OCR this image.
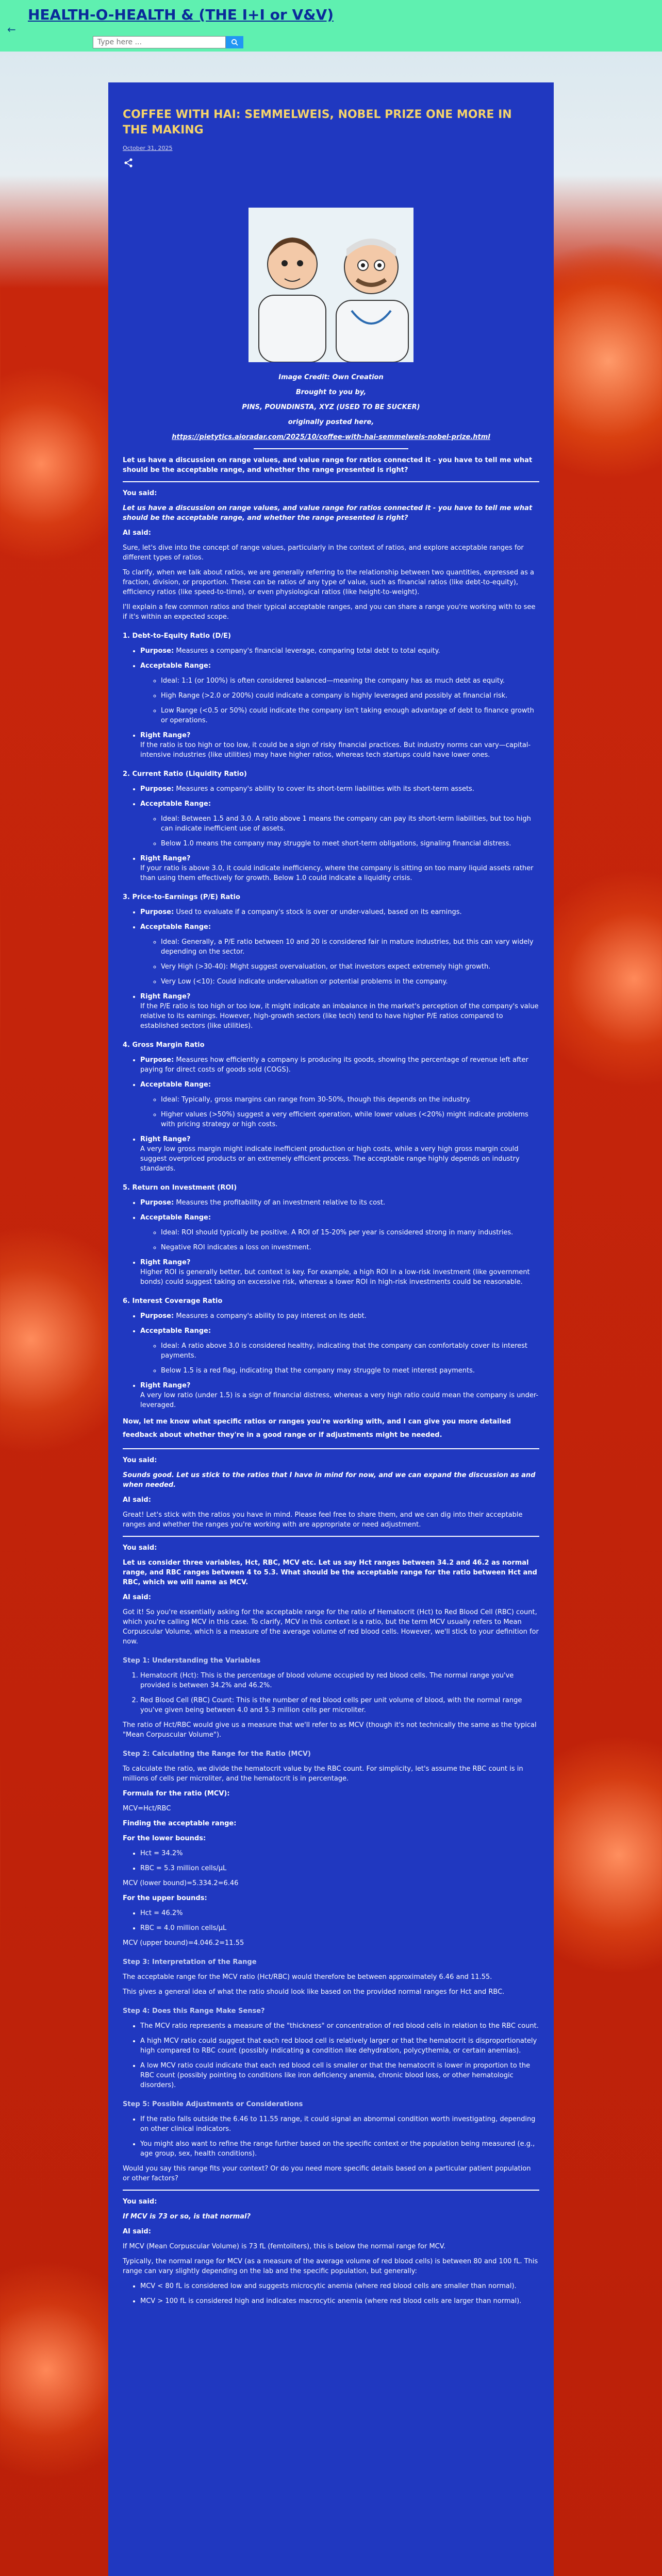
←
HEALTH-O-HEALTH & (THE I+I or V&V)
Type here ...
COFFEE WITH HAI: SEMMELWEIS, NOBEL PRIZE ONE MORE IN THE MAKING
October 31, 2025

Image Credit: Own Creation

Brought to you by,

PINS, POUNDINSTA, XYZ (USED TO BE SUCKER)

originally posted here,

https://pietytics.aioradar.com/2025/10/coffee-with-hai-semmelweis-nobel-prize.html

Let us have a discussion on range values, and value range for ratios connected it - you have to tell me what should be the acceptable range, and whether the range presented is right?

You said:

Let us have a discussion on range values, and value range for ratios connected it - you have to tell me what should be the acceptable range, and whether the range presented is right?

AI said:

Sure, let's dive into the concept of range values, particularly in the context of ratios, and explore acceptable ranges for different types of ratios.

To clarify, when we talk about ratios, we are generally referring to the relationship between two quantities, expressed as a fraction, division, or proportion. These can be ratios of any type of value, such as financial ratios (like debt-to-equity), efficiency ratios (like speed-to-time), or even physiological ratios (like height-to-weight).

I'll explain a few common ratios and their typical acceptable ranges, and you can share a range you're working with to see if it's within an expected scope.

1. Debt-to-Equity Ratio (D/E)

• Purpose: Measures a company's financial leverage, comparing total debt to total equity.
• Acceptable Range:
◦ Ideal: 1:1 (or 100%) is often considered balanced—meaning the company has as much debt as equity.
◦ High Range (>2.0 or 200%) could indicate a company is highly leveraged and possibly at financial risk.
◦ Low Range (<0.5 or 50%) could indicate the company isn't taking enough advantage of debt to finance growth or operations.
• Right Range?
If the ratio is too high or too low, it could be a sign of risky financial practices. But industry norms can vary—capital-intensive industries (like utilities) may have higher ratios, whereas tech startups could have lower ones.

2. Current Ratio (Liquidity Ratio)

• Purpose: Measures a company's ability to cover its short-term liabilities with its short-term assets.
• Acceptable Range:
◦ Ideal: Between 1.5 and 3.0. A ratio above 1 means the company can pay its short-term liabilities, but too high can indicate inefficient use of assets.
◦ Below 1.0 means the company may struggle to meet short-term obligations, signaling financial distress.
• Right Range?
If your ratio is above 3.0, it could indicate inefficiency, where the company is sitting on too many liquid assets rather than using them effectively for growth. Below 1.0 could indicate a liquidity crisis.

3. Price-to-Earnings (P/E) Ratio

• Purpose: Used to evaluate if a company's stock is over or under-valued, based on its earnings.
• Acceptable Range:
◦ Ideal: Generally, a P/E ratio between 10 and 20 is considered fair in mature industries, but this can vary widely depending on the sector.
◦ Very High (>30-40): Might suggest overvaluation, or that investors expect extremely high growth.
◦ Very Low (<10): Could indicate undervaluation or potential problems in the company.
• Right Range?
If the P/E ratio is too high or too low, it might indicate an imbalance in the market's perception of the company's value relative to its earnings. However, high-growth sectors (like tech) tend to have higher P/E ratios compared to established sectors (like utilities).

4. Gross Margin Ratio

• Purpose: Measures how efficiently a company is producing its goods, showing the percentage of revenue left after paying for direct costs of goods sold (COGS).
• Acceptable Range:
◦ Ideal: Typically, gross margins can range from 30-50%, though this depends on the industry.
◦ Higher values (>50%) suggest a very efficient operation, while lower values (<20%) might indicate problems with pricing strategy or high costs.
• Right Range?
A very low gross margin might indicate inefficient production or high costs, while a very high gross margin could suggest overpriced products or an extremely efficient process. The acceptable range highly depends on industry standards.

5. Return on Investment (ROI)

• Purpose: Measures the profitability of an investment relative to its cost.
• Acceptable Range:
◦ Ideal: ROI should typically be positive. A ROI of 15-20% per year is considered strong in many industries.
◦ Negative ROI indicates a loss on investment.
• Right Range?
Higher ROI is generally better, but context is key. For example, a high ROI in a low-risk investment (like government bonds) could suggest taking on excessive risk, whereas a lower ROI in high-risk investments could be reasonable.

6. Interest Coverage Ratio

• Purpose: Measures a company's ability to pay interest on its debt.
• Acceptable Range:
◦ Ideal: A ratio above 3.0 is considered healthy, indicating that the company can comfortably cover its interest payments.
◦ Below 1.5 is a red flag, indicating that the company may struggle to meet interest payments.
• Right Range?
A very low ratio (under 1.5) is a sign of financial distress, whereas a very high ratio could mean the company is under-leveraged.

Now, let me know what specific ratios or ranges you're working with, and I can give you more detailed feedback about whether they're in a good range or if adjustments might be needed.

You said:

Sounds good. Let us stick to the ratios that I have in mind for now, and we can expand the discussion as and when needed.

AI said:

Great! Let's stick with the ratios you have in mind. Please feel free to share them, and we can dig into their acceptable ranges and whether the ranges you're working with are appropriate or need adjustment.

You said:

Let us consider three variables, Hct, RBC, MCV etc. Let us say Hct ranges between 34.2 and 46.2 as normal range, and RBC ranges between 4 to 5.3. What should be the acceptable range for the ratio between Hct and RBC, which we will name as MCV.

AI said:

Got it! So you're essentially asking for the acceptable range for the ratio of Hematocrit (Hct) to Red Blood Cell (RBC) count, which you're calling MCV in this case. To clarify, MCV in this context is a ratio, but the term MCV usually refers to Mean Corpuscular Volume, which is a measure of the average volume of red blood cells. However, we'll stick to your definition for now.

Step 1: Understanding the Variables

1. Hematocrit (Hct): This is the percentage of blood volume occupied by red blood cells. The normal range you've provided is between 34.2% and 46.2%.
2. Red Blood Cell (RBC) Count: This is the number of red blood cells per unit volume of blood, with the normal range you've given being between 4.0 and 5.3 million cells per microliter.

The ratio of Hct/RBC would give us a measure that we'll refer to as MCV (though it's not technically the same as the typical "Mean Corpuscular Volume").

Step 2: Calculating the Range for the Ratio (MCV)

To calculate the ratio, we divide the hematocrit value by the RBC count. For simplicity, let's assume the RBC count is in millions of cells per microliter, and the hematocrit is in percentage.

Formula for the ratio (MCV):

MCV=Hct/RBC

Finding the acceptable range:

For the lower bounds:

• Hct = 34.2%
• RBC = 5.3 million cells/μL

MCV (lower bound)=5.334.2=6.46

For the upper bounds:

• Hct = 46.2%
• RBC = 4.0 million cells/μL

MCV (upper bound)=4.046.2=11.55

Step 3: Interpretation of the Range

The acceptable range for the MCV ratio (Hct/RBC) would therefore be between approximately 6.46 and 11.55.

This gives a general idea of what the ratio should look like based on the provided normal ranges for Hct and RBC.

Step 4: Does this Range Make Sense?

• The MCV ratio represents a measure of the "thickness" or concentration of red blood cells in relation to the RBC count.
• A high MCV ratio could suggest that each red blood cell is relatively larger or that the hematocrit is disproportionately high compared to RBC count (possibly indicating a condition like dehydration, polycythemia, or certain anemias).
• A low MCV ratio could indicate that each red blood cell is smaller or that the hematocrit is lower in proportion to the RBC count (possibly pointing to conditions like iron deficiency anemia, chronic blood loss, or other hematologic disorders).

Step 5: Possible Adjustments or Considerations

• If the ratio falls outside the 6.46 to 11.55 range, it could signal an abnormal condition worth investigating, depending on other clinical indicators.
• You might also want to refine the range further based on the specific context or the population being measured (e.g., age group, sex, health conditions).

Would you say this range fits your context? Or do you need more specific details based on a particular patient population or other factors?

You said:

If MCV is 73 or so, is that normal?

AI said:

If MCV (Mean Corpuscular Volume) is 73 fL (femtoliters), this is below the normal range for MCV.

Typically, the normal range for MCV (as a measure of the average volume of red blood cells) is between 80 and 100 fL. This range can vary slightly depending on the lab and the specific population, but generally:

• MCV < 80 fL is considered low and suggests microcytic anemia (where red blood cells are smaller than normal).
• MCV > 100 fL is considered high and indicates macrocytic anemia (where red blood cells are larger than normal).
